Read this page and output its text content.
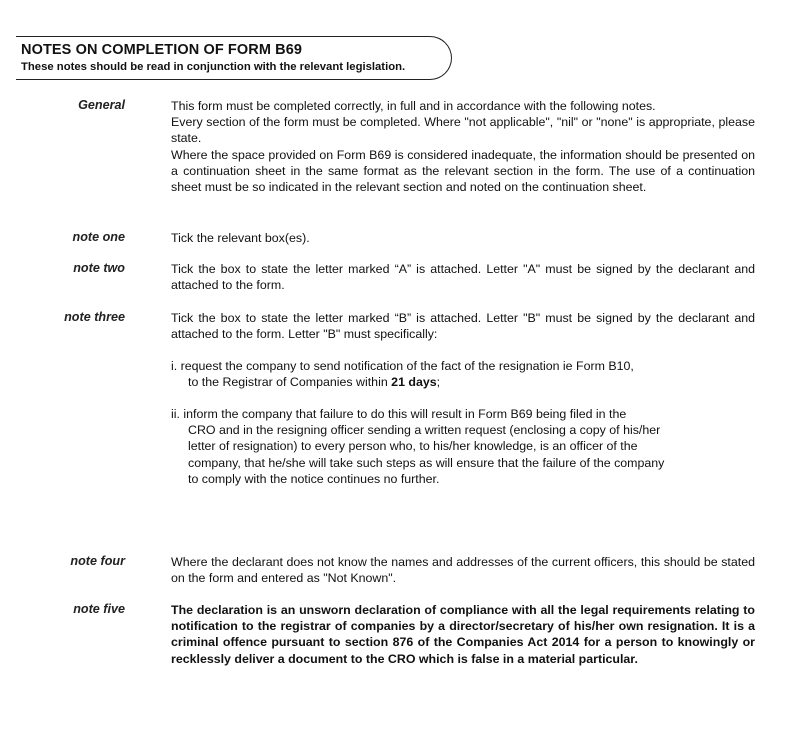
NOTES ON COMPLETION OF FORM B69
These notes should be read in conjunction with the relevant legislation.
General	This form must be completed correctly, in full and in accordance with the following notes.

Every section of the form must be completed. Where "not applicable", "nil" or "none" is appropriate, please state.

Where the space provided on Form B69 is considered inadequate, the information should be presented on a continuation sheet in the same format as the relevant section in the form. The use of a continuation sheet must be so indicated in the relevant section and noted on the continuation sheet.

note one	Tick the relevant box(es).
note two	Tick the box to state the letter marked “A” is attached. Letter "A" must be signed by the declarant and attached to the form.
note three	Tick the box to state the letter marked “B” is attached. Letter "B" must be signed by the declarant and attached to the form. Letter "B" must specifically:
i. request the company to send notification of the fact of the resignation ie Form B10,
to the Registrar of Companies within 21 days;
ii. inform the company that failure to do this will result in Form B69 being filed in the
CRO and in the resigning officer sending a written request (enclosing a copy of his/her
letter of resignation) to every person who, to his/her knowledge, is an officer of the
company, that he/she will take such steps as will ensure that the failure of the company
to comply with the notice continues no further.
note four	Where the declarant does not know the names and addresses of the current officers, this should be stated on the form and entered as "Not Known".
note five	The declaration is an unsworn declaration of compliance with all the legal requirements relating to notification to the registrar of companies by a director/secretary of his/her own resignation. It is a criminal offence pursuant to section 876 of the Companies Act 2014 for a person to knowingly or recklessly deliver a document to the CRO which is false in a material particular.
